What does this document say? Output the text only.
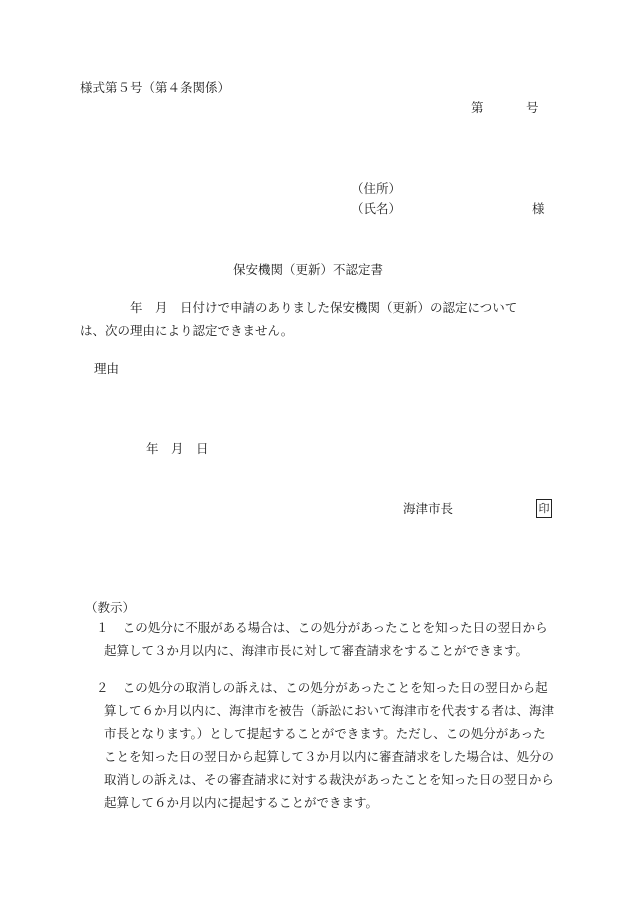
様式第５号（第４条関係）
第	号
（住所）
（氏名）	様
保安機関（更新）不認定書
年　月　日付けで申請のありました保安機関（更新）の認定について
は、次の理由により認定できません。
理由
年　月　日
海津市長	印
（教示）
１	この処分に不服がある場合は、この処分があったことを知った日の翌日から起算して３か月以内に、海津市長に対して審査請求をすることができます。
２	この処分の取消しの訴えは、この処分があったことを知った日の翌日から起算して６か月以内に、海津市を被告（訴訟において海津市を代表する者は、海津市長となります。）として提起することができます。ただし、この処分があったことを知った日の翌日から起算して３か月以内に審査請求をした場合は、処分の取消しの訴えは、その審査請求に対する裁決があったことを知った日の翌日から起算して６か月以内に提起することができます。
